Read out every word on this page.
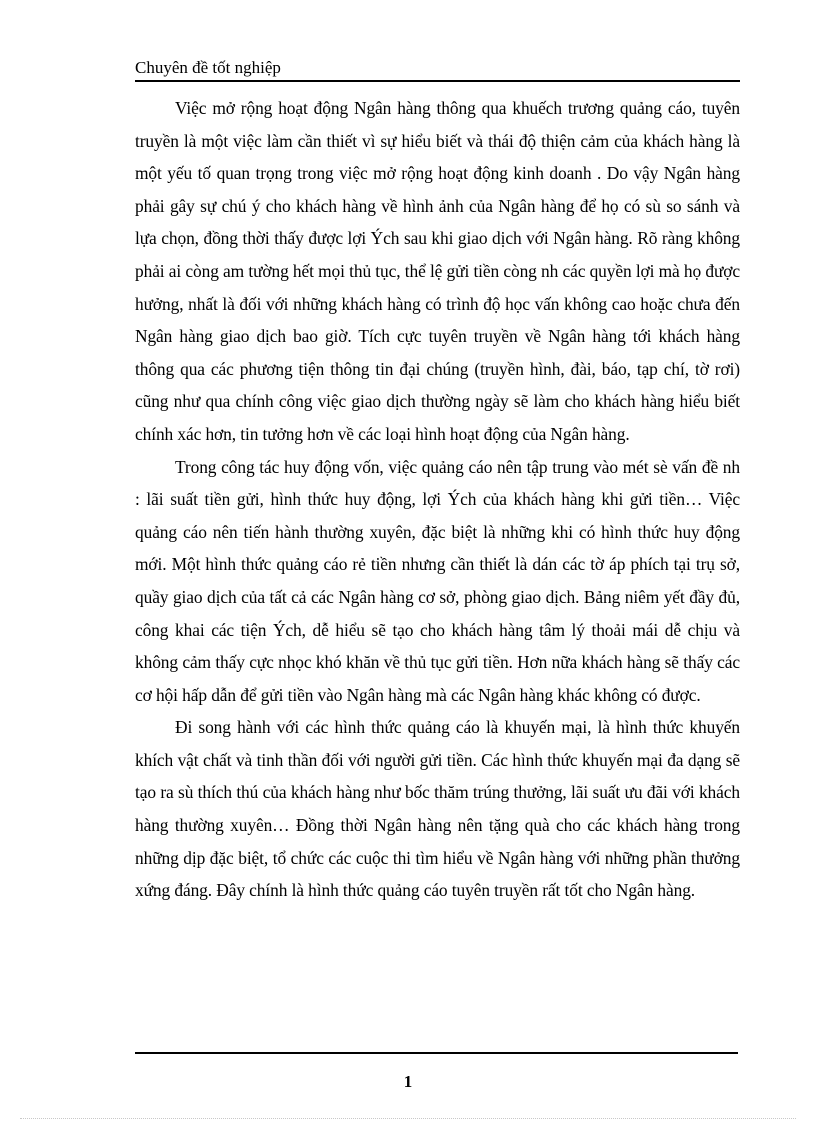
Chuyên đề tốt nghiệp

Việc mở rộng hoạt động Ngân hàng thông qua khuếch trương quảng cáo, tuyên truyền là một việc làm cần thiết vì sự hiểu biết và thái độ thiện cảm của khách hàng là một yếu tố quan trọng trong việc mở rộng hoạt động kinh doanh . Do vậy Ngân hàng phải gây sự chú ý cho khách hàng về hình ảnh của Ngân hàng để họ có sù so sánh và lựa chọn, đồng thời thấy được lợi Ých sau khi giao dịch với Ngân hàng. Rõ ràng không phải ai còng am tường hết mọi thủ tục, thể lệ gửi tiền còng nh các quyền lợi mà họ được hưởng, nhất là đối với những khách hàng có trình độ học vấn không cao hoặc chưa đến Ngân hàng giao dịch bao giờ. Tích cực tuyên truyền về Ngân hàng tới khách hàng thông qua các phương tiện thông tin đại chúng (truyền hình, đài, báo, tạp chí, tờ rơi) cũng như qua chính công việc giao dịch thường ngày sẽ làm cho khách hàng hiểu biết chính xác hơn, tin tưởng hơn về các loại hình hoạt động của Ngân hàng.

Trong công tác huy động vốn, việc quảng cáo nên tập trung vào mét sè vấn đề nh : lãi suất tiền gửi, hình thức huy động, lợi Ých của khách hàng khi gửi tiền… Việc quảng cáo nên tiến hành thường xuyên, đặc biệt là những khi có hình thức huy động mới. Một hình thức quảng cáo rẻ tiền nhưng cần thiết là dán các tờ áp phích tại trụ sở, quầy giao dịch của tất cả các Ngân hàng cơ sở, phòng giao dịch. Bảng niêm yết đầy đủ, công khai các tiện Ých, dễ hiểu sẽ tạo cho khách hàng tâm lý thoải mái dễ chịu và không cảm thấy cực nhọc khó khăn về thủ tục gửi tiền. Hơn nữa khách hàng sẽ thấy các cơ hội hấp dẫn để gửi tiền vào Ngân hàng mà các Ngân hàng khác không có được.

Đi song hành với các hình thức quảng cáo là khuyến mại, là hình thức khuyến khích vật chất và tinh thần đối với người gửi tiền. Các hình thức khuyến mại đa dạng sẽ tạo ra sù thích thú của khách hàng như bốc thăm trúng thưởng, lãi suất ưu đãi với khách hàng thường xuyên… Đồng thời Ngân hàng nên tặng quà cho các khách hàng trong những dịp đặc biệt, tổ chức các cuộc thi tìm hiểu về Ngân hàng với những phần thưởng xứng đáng. Đây chính là hình thức quảng cáo tuyên truyền rất tốt cho Ngân hàng.

1
